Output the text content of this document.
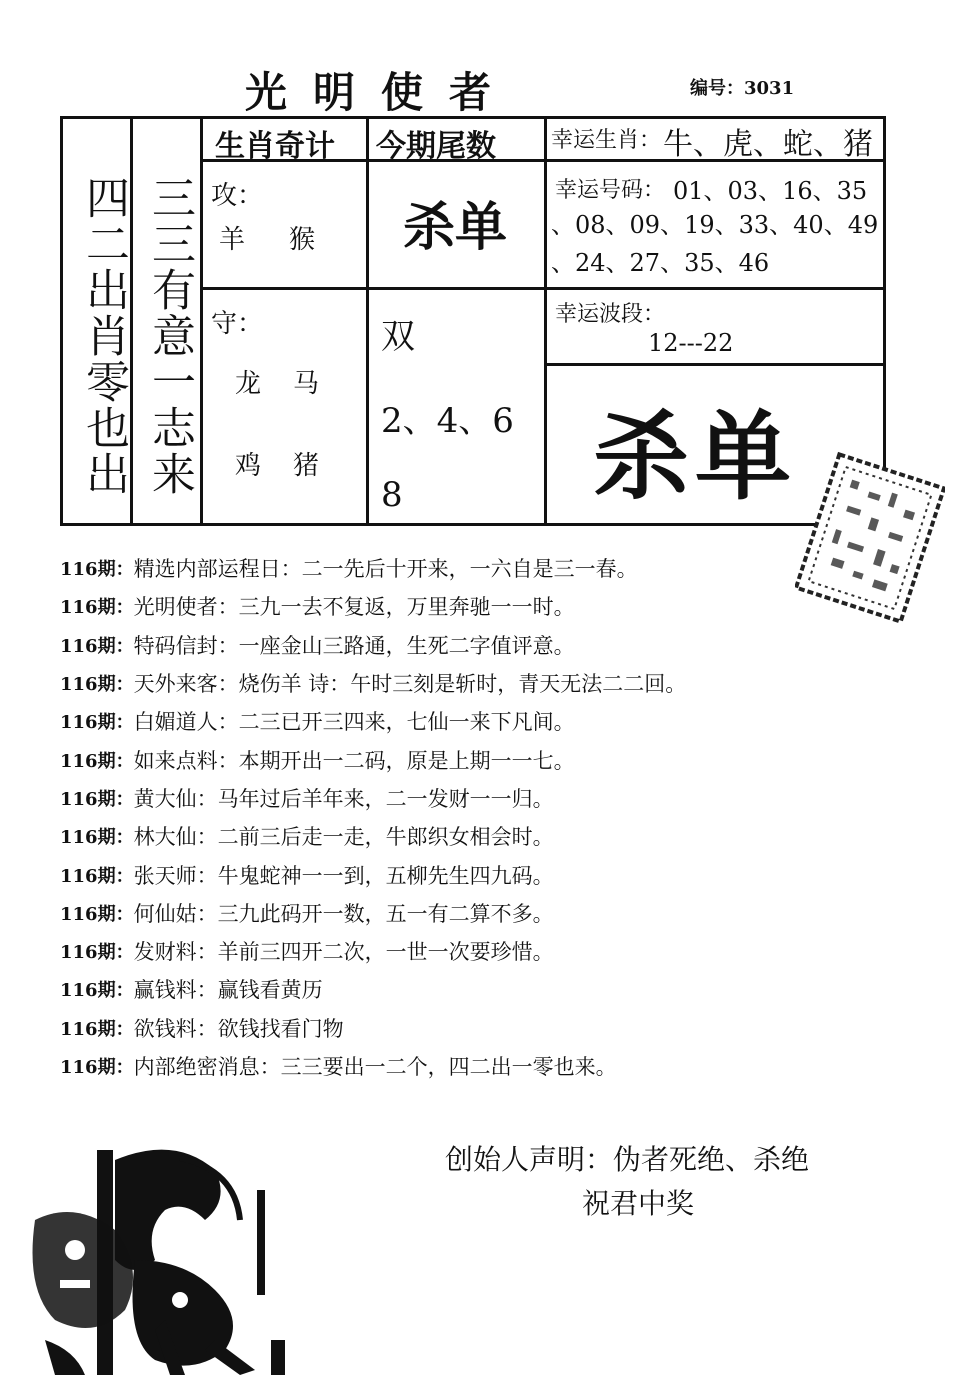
光明使者	编号：3031
四二出肖零也出 三三有意一志来
生肖奇计
攻：
羊 猴
守：
龙 马
鸡 猪
今期尾数
杀单
双
2、4、6
8
幸运生肖： 牛、虎、蛇、猪
幸运号码： 01、03、16、35
、08、09、19、33、40、49
、24、27、35、46
幸运波段：
12---22
杀单
116期： 精选内部运程日：二一先后十开来，一六自是三一春。
116期： 光明使者：三九一去不复返，万里奔驰一一时。
116期： 特码信封：一座金山三路通，生死二字值评意。
116期： 天外来客：烧伤羊 诗：午时三刻是斩时，青天无法二二回。
116期： 白媚道人：二三已开三四来，七仙一来下凡间。
116期： 如来点料：本期开出一二码，原是上期一一七。
116期： 黄大仙：马年过后羊年来，二一发财一一归。
116期： 林大仙：二前三后走一走，牛郎织女相会时。
116期： 张天师：牛鬼蛇神一一到，五柳先生四九码。
116期： 何仙姑：三九此码开一数，五一有二算不多。
116期： 发财料：羊前三四开二次，一世一次要珍惜。
116期： 赢钱料：赢钱看黄历
116期： 欲钱料：欲钱找看门物
116期： 内部绝密消息：三三要出一二个，四二出一零也来。
创始人声明：伪者死绝、杀绝
祝君中奖
